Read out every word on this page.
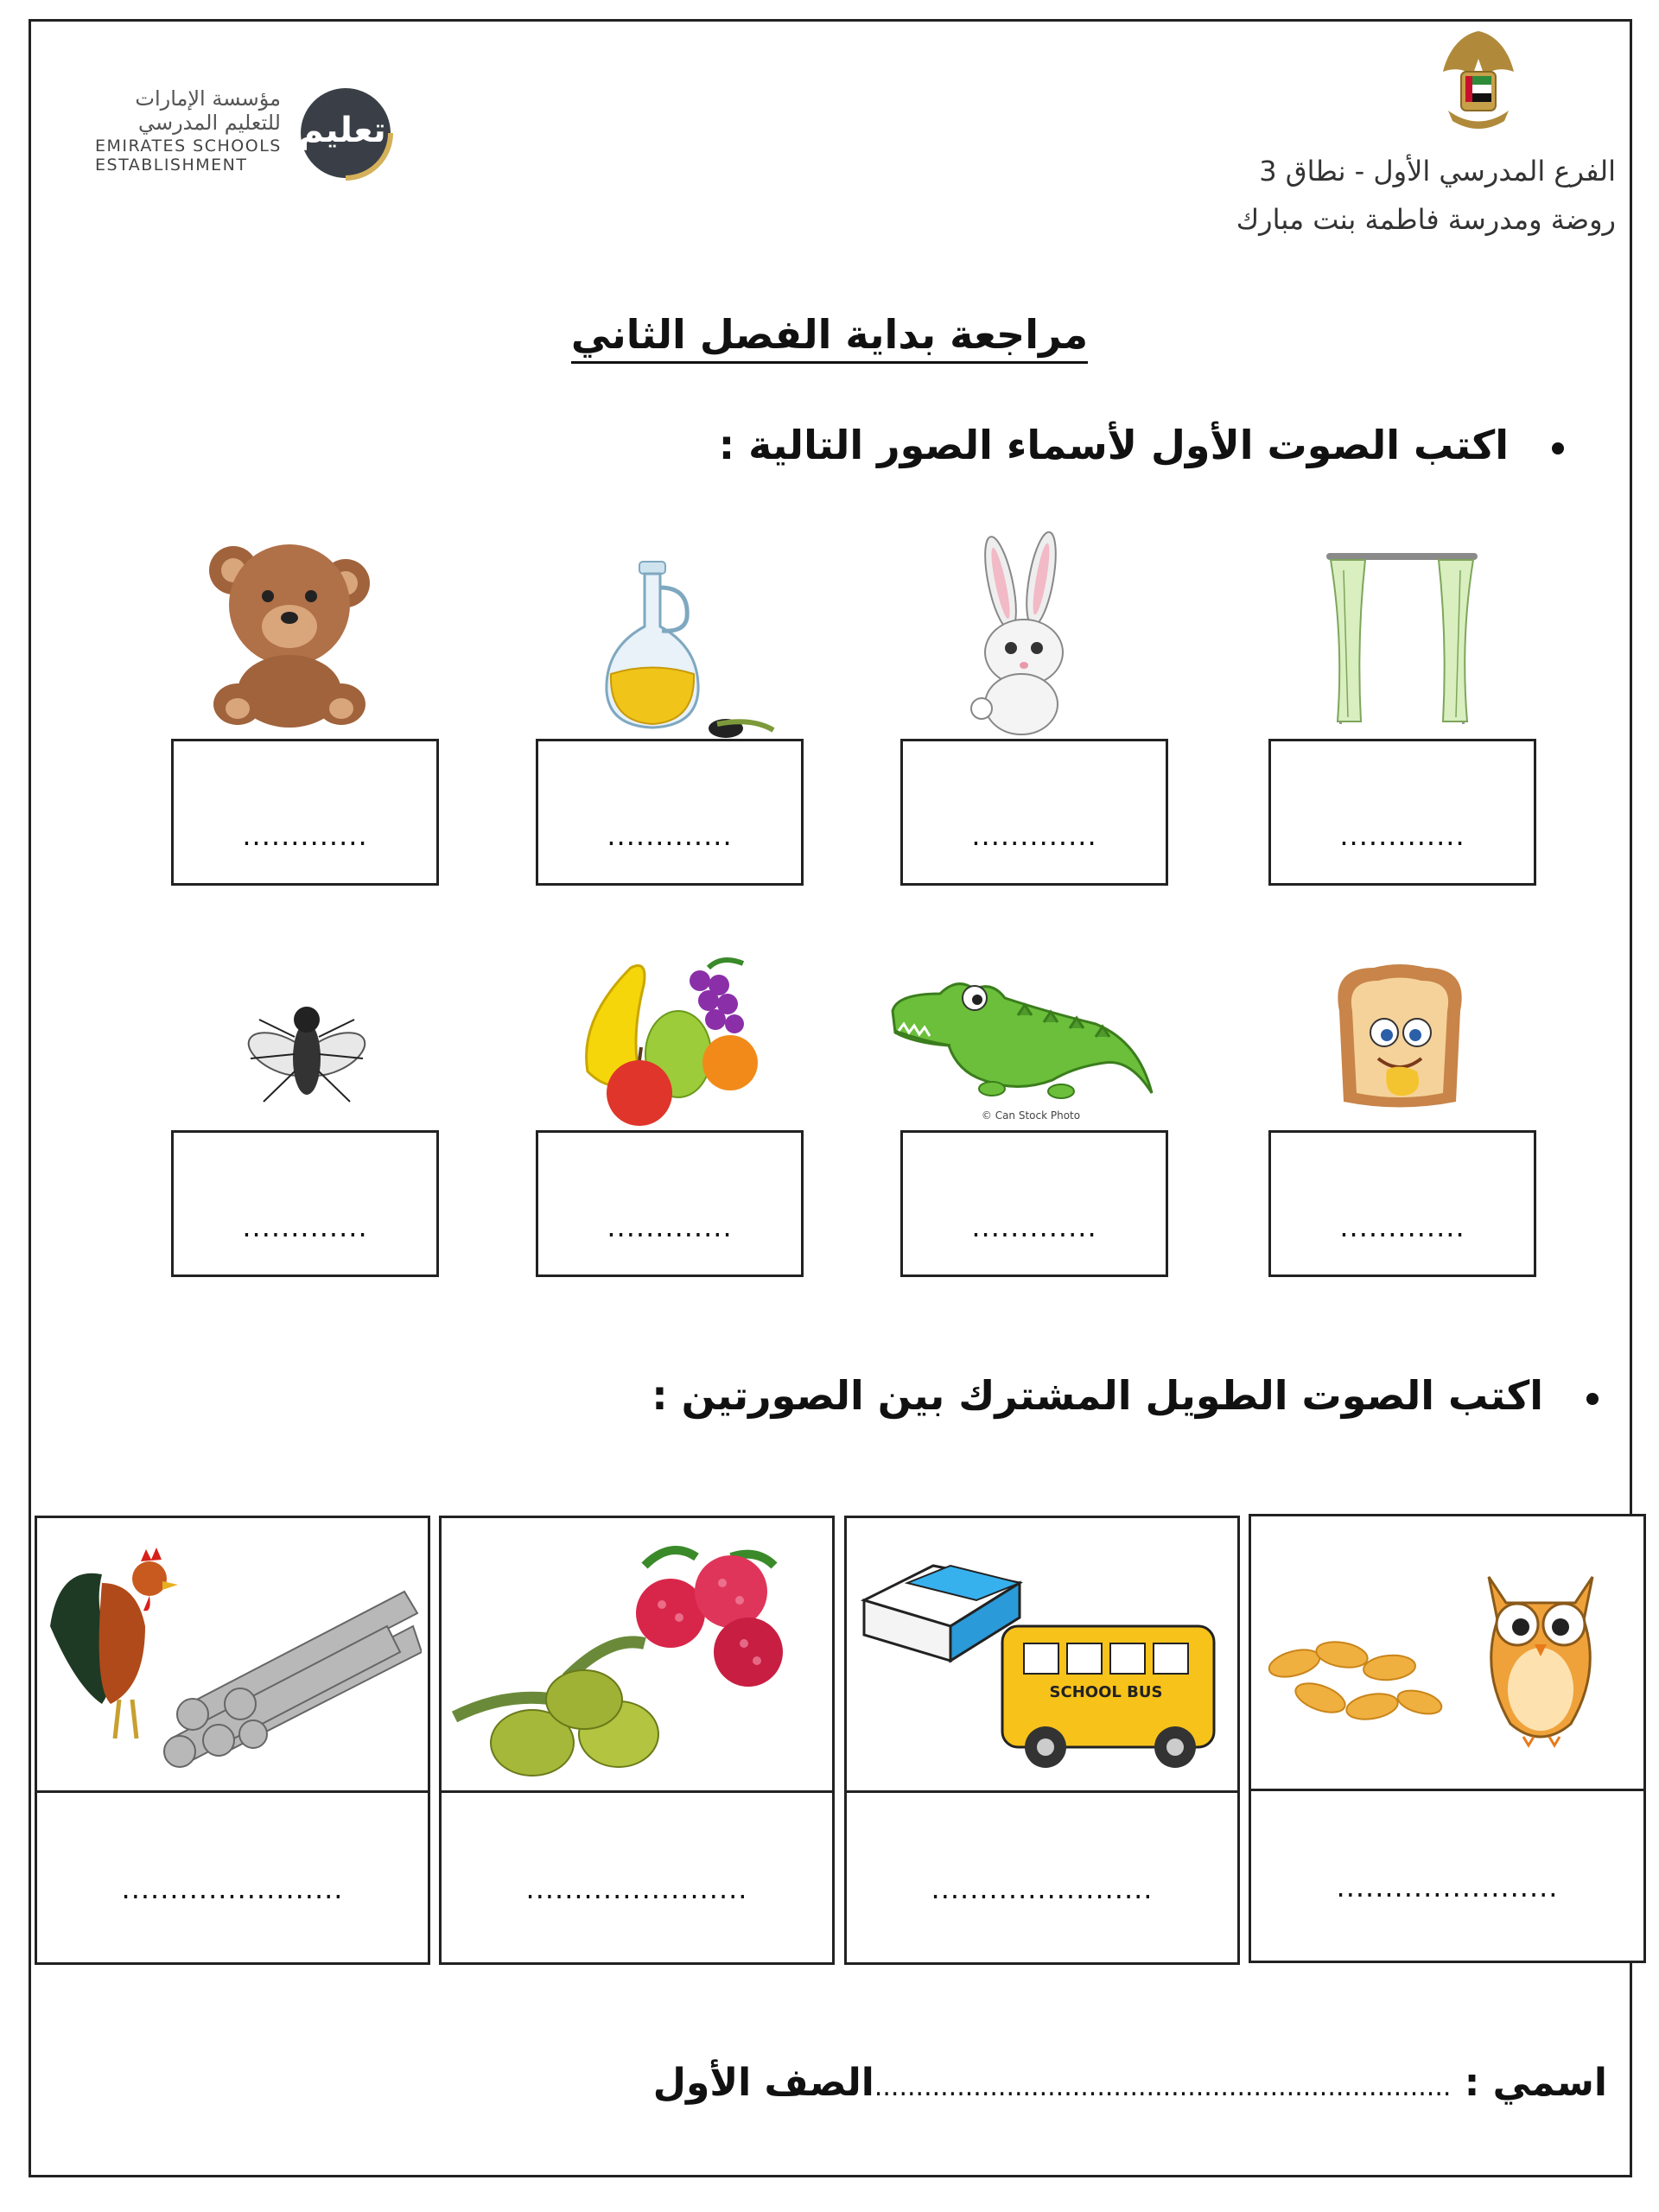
الفرع المدرسي الأول - نطاق 3
روضة ومدرسة فاطمة بنت مبارك
مؤسسة الإمارات
للتعليم المدرسي
EMIRATES SCHOOLS
ESTABLISHMENT
تعليم
مراجعة بداية الفصل الثاني
اكتب الصوت الأول لأسماء الصور التالية :
.............
.............
.............
.............
© Can Stock Photo
.............
.............
.............
.............
اكتب الصوت الطويل المشترك بين الصورتين :
.......................
SCHOOL BUS
.......................
.......................
.......................
اسمي : ......................................................................الصف الأول
